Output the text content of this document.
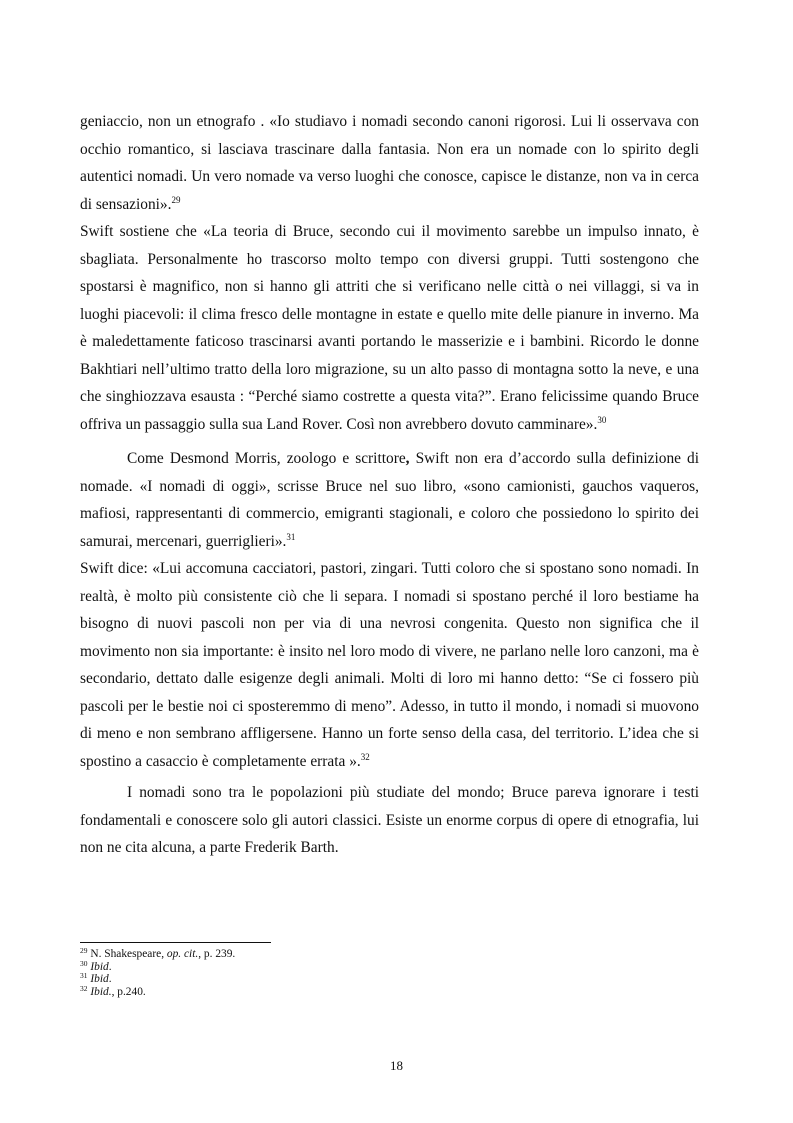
geniaccio, non un etnografo . «Io studiavo i nomadi secondo canoni rigorosi. Lui li osservava con occhio romantico, si lasciava trascinare dalla fantasia. Non era un nomade con lo spirito degli autentici nomadi. Un vero nomade va verso luoghi che conosce, capisce le distanze, non va in cerca di sensazioni».$^{29}$

Swift sostiene che «La teoria di Bruce, secondo cui il movimento sarebbe un impulso innato, è sbagliata. Personalmente ho trascorso molto tempo con diversi gruppi. Tutti sostengono che spostarsi è magnifico, non si hanno gli attriti che si verificano nelle città o nei villaggi, si va in luoghi piacevoli: il clima fresco delle montagne in estate e quello mite delle pianure in inverno. Ma è maledettamente faticoso trascinarsi avanti portando le masserizie e i bambini. Ricordo le donne Bakhtiari nell’ultimo tratto della loro migrazione, su un alto passo di montagna sotto la neve, e una che singhiozzava esausta : “Perché siamo costrette a questa vita?”. Erano felicissime quando Bruce offriva un passaggio sulla sua Land Rover. Così non avrebbero dovuto camminare».$^{30}$

Come Desmond Morris, zoologo e scrittore, Swift non era d’accordo sulla definizione di nomade. «I nomadi di oggi», scrisse Bruce nel suo libro, «sono camionisti, gauchos vaqueros, mafiosi, rappresentanti di commercio, emigranti stagionali, e coloro che possiedono lo spirito dei samurai, mercenari, guerriglieri».$^{31}$

Swift dice: «Lui accomuna cacciatori, pastori, zingari. Tutti coloro che si spostano sono nomadi. In realtà, è molto più consistente ciò che li separa. I nomadi si spostano perché il loro bestiame ha bisogno di nuovi pascoli non per via di una nevrosi congenita. Questo non significa che il movimento non sia importante: è insito nel loro modo di vivere, ne parlano nelle loro canzoni, ma è secondario, dettato dalle esigenze degli animali. Molti di loro mi hanno detto: “Se ci fossero più pascoli per le bestie noi ci sposteremmo di meno”. Adesso, in tutto il mondo, i nomadi si muovono di meno e non sembrano affligersene. Hanno un forte senso della casa, del territorio. L’idea che si spostino a casaccio è completamente errata ».$^{32}$

I nomadi sono tra le popolazioni più studiate del mondo; Bruce pareva ignorare i testi fondamentali e conoscere solo gli autori classici. Esiste un enorme corpus di opere di etnografia, lui non ne cita alcuna, a parte Frederik Barth.

$^{29}$ N. Shakespeare, op. cit., p. 239.
$^{30}$ Ibid.
$^{31}$ Ibid.
$^{32}$ Ibid., p.240.
18
